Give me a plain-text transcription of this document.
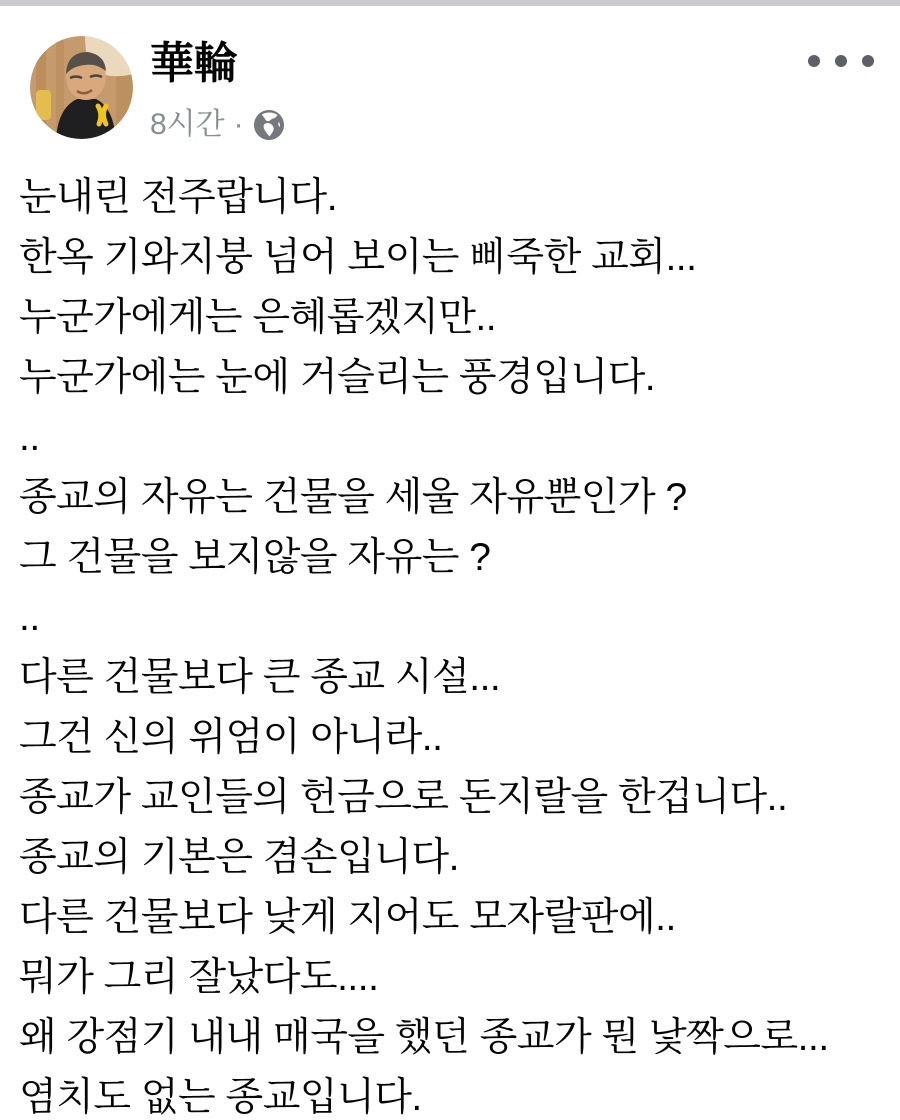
華輪
8시간 ·
눈내린 전주랍니다.
한옥 기와지붕 넘어 보이는 삐죽한 교회...
누군가에게는 은혜롭겠지만..
누군가에는 눈에 거슬리는 풍경입니다.
..
종교의 자유는 건물을 세울 자유뿐인가 ?
그 건물을 보지않을 자유는 ?
..
다른 건물보다 큰 종교 시설...
그건 신의 위엄이 아니라..
종교가 교인들의 헌금으로 돈지랄을 한겁니다..
종교의 기본은 겸손입니다.
다른 건물보다 낮게 지어도 모자랄판에..
뭐가 그리 잘났다도....
왜 강점기 내내 매국을 했던 종교가 뭔 낯짝으로...
염치도 없는 종교입니다.
